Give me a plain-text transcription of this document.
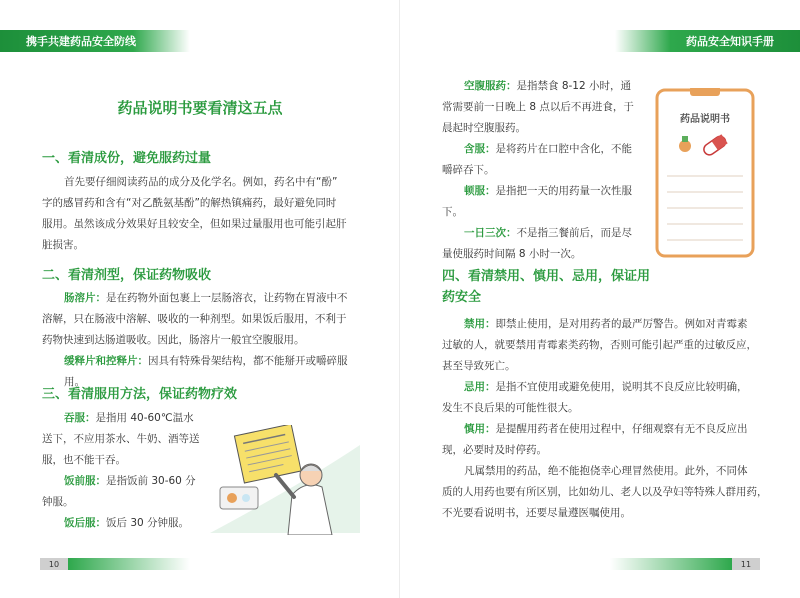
携手共建药品安全防线
药品说明书要看清这五点
一、看清成份，避免服药过量
首先要仔细阅读药品的成分及化学名。例如，药名中有“酚”
字的感冒药和含有“对乙酰氨基酚”的解热镇痛药，最好避免同时
服用。虽然该成分效果好且较安全，但如果过量服用也可能引起肝
脏损害。
二、看清剂型，保证药物吸收
肠溶片：是在药物外面包裹上一层肠溶衣，让药物在胃液中不
溶解，只在肠液中溶解、吸收的一种剂型。如果饭后服用，不利于
药物快速到达肠道吸收。因此，肠溶片一般宜空腹服用。
缓释片和控释片：因具有特殊骨架结构，都不能掰开或嚼碎服用。
三、看清服用方法，保证药物疗效
吞服：是指用 40-60℃温水
送下，不应用茶水、牛奶、酒等送
服，也不能干吞。
饭前服：是指饭前 30-60 分
钟服。
饭后服：饭后 30 分钟服。
10
药品安全知识手册
空腹服药：是指禁食 8-12 小时，通
常需要前一日晚上 8 点以后不再进食，于
晨起时空腹服药。
含服：是将药片在口腔中含化，不能
嚼碎吞下。
顿服：是指把一天的用药量一次性服
下。
一日三次：不是指三餐前后，而是尽
量使服药时间隔 8 小时一次。
四、看清禁用、慎用、忌用，保证用
药安全
禁用：即禁止使用，是对用药者的最严厉警告。例如对青霉素
过敏的人，就要禁用青霉素类药物，否则可能引起严重的过敏反应，
甚至导致死亡。
忌用：是指不宜使用或避免使用，说明其不良反应比较明确，
发生不良后果的可能性很大。
慎用：是提醒用药者在使用过程中，仔细观察有无不良反应出
现，必要时及时停药。
凡属禁用的药品，绝不能抱侥幸心理冒然使用。此外，不同体
质的人用药也要有所区别，比如幼儿、老人以及孕妇等特殊人群用药，
不光要看说明书，还要尽量遵医嘱使用。
11
药品说明书
